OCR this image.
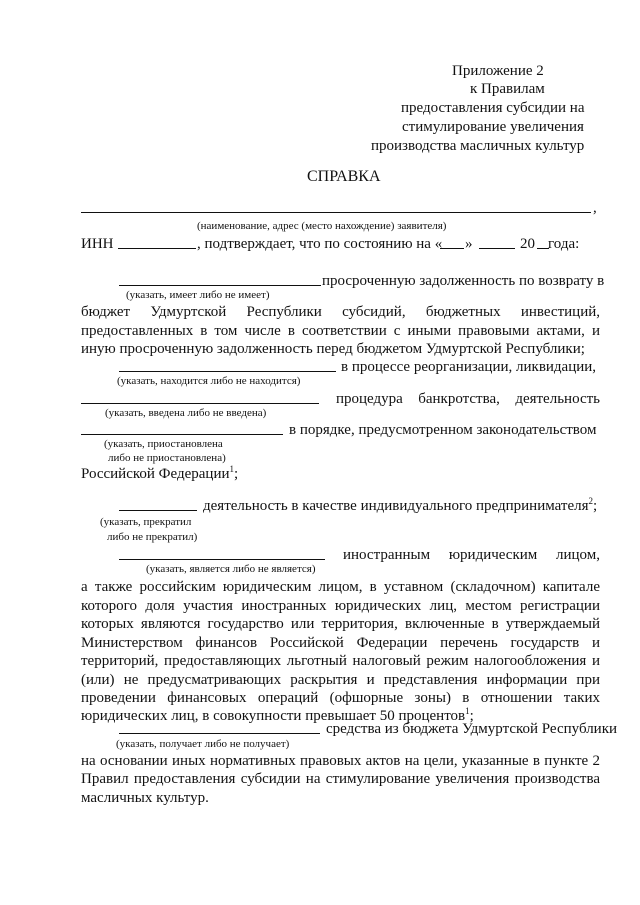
Приложение 2
к Правилам
предоставления субсидии на
стимулирование увеличения
производства масличных культур
СПРАВКА
,
(наименование, адрес (место нахождение) заявителя)
ИНН	, подтверждает, что по состоянию на « »	20 года:
просроченную задолженность по возврату в
(указать, имеет либо не имеет)
бюджет Удмуртской Республики субсидий, бюджетных инвестиций,
предоставленных в том числе в соответствии с иными правовыми актами, и
иную просроченную задолженность перед бюджетом Удмуртской Республики;
в процессе реорганизации, ликвидации,
(указать, находится либо не находится)
процедура банкротства, деятельность
(указать, введена либо не введена)
в порядке, предусмотренном законодательством
(указать, приостановлена
либо не приостановлена)
Российской Федерации$^1$;
деятельность в качестве индивидуального предпринимателя$^2$;
(указать, прекратил
либо не прекратил)
иностранным юридическим лицом,
(указать, является либо не является)
а также российским юридическим лицом, в уставном (складочном) капитале
которого доля участия иностранных юридических лиц, местом регистрации
которых являются государство или территория, включенные в утверждаемый
Министерством финансов Российской Федерации перечень государств и
территорий, предоставляющих льготный налоговый режим налогообложения и
(или) не предусматривающих раскрытия и представления информации при
проведении финансовых операций (офшорные зоны) в отношении таких
юридических лиц, в совокупности превышает 50 процентов$^1$;
средства из бюджета Удмуртской Республики
(указать, получает либо не получает)
на основании иных нормативных правовых актов на цели, указанные в пункте 2
Правил предоставления субсидии на стимулирование увеличения производства
масличных культур.
